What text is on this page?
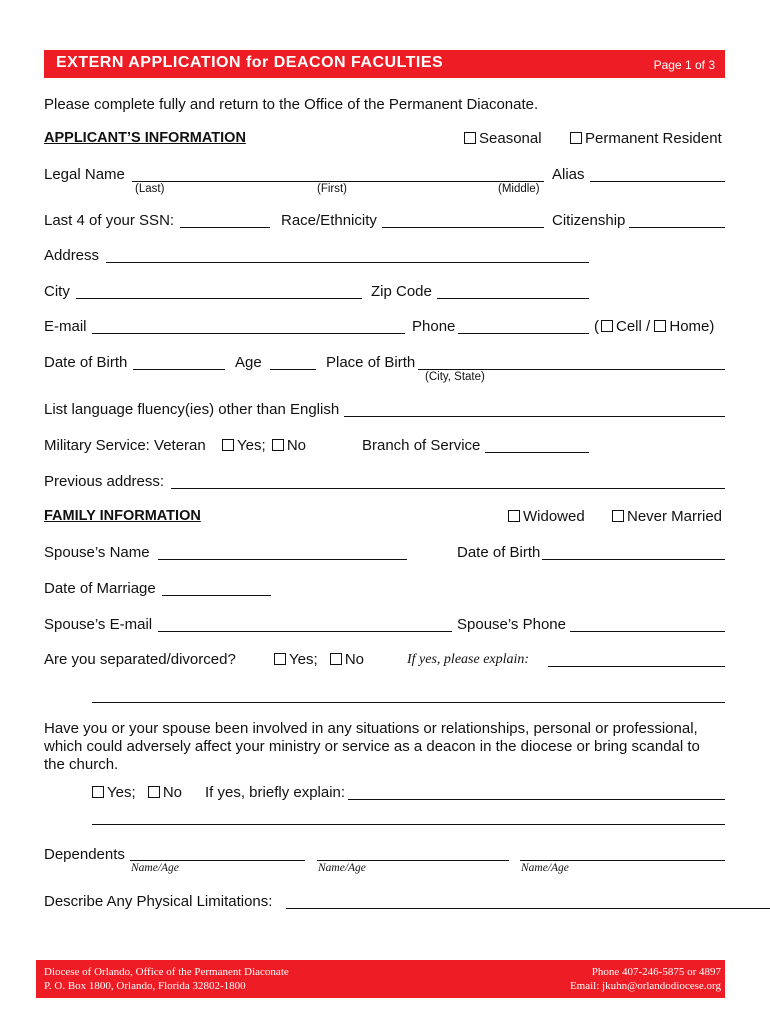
EXTERN APPLICATION for DEACON FACULTIES	Page 1 of 3
Please complete fully and return to the Office of the Permanent Diaconate.
APPLICANT’S INFORMATION	Seasonal	Permanent Resident
Legal Name
(Last)	(First)	(Middle)
Alias
Last 4 of your SSN:	Race/Ethnicity	Citizenship
Address
City	Zip Code
E-mail	Phone	( Cell / Home)
Date of Birth	Age	Place of Birth
(City, State)
List language fluency(ies) other than English
Military Service: Veteran	Yes; No	Branch of Service
Previous address:
FAMILY INFORMATION	Widowed	Never Married
Spouse’s Name	Date of Birth
Date of Marriage
Spouse’s E-mail	Spouse’s Phone
Are you separated/divorced?	Yes; No	If yes, please explain:
Have you or your spouse been involved in any situations or relationships, personal or professional, which could adversely affect your ministry or service as a deacon in the diocese or bring scandal to the church.
Yes; No If yes, briefly explain:
Dependents
Name/Age	Name/Age	Name/Age
Describe Any Physical Limitations:
Diocese of Orlando, Office of the Permanent Diaconate
P. O. Box 1800, Orlando, Florida 32802-1800
Phone 407-246-5875 or 4897
Email: jkuhn@orlandodiocese.org
